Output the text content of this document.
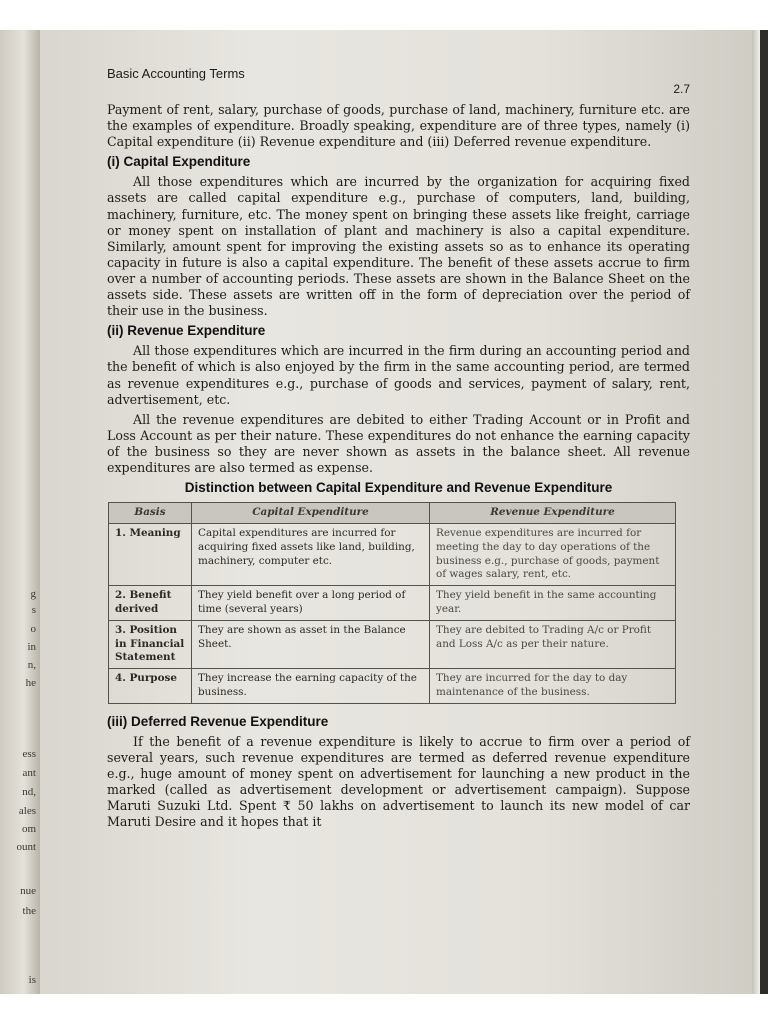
g
s
o
in
n,
he
ess
ant
nd,
ales
om
ount
nue
the
is
Basic Accounting Terms
2.7

Payment of rent, salary, purchase of goods, purchase of land, machinery, furniture etc. are the examples of expenditure. Broadly speaking, expenditure are of three types, namely (i) Capital expenditure (ii) Revenue expenditure and (iii) Deferred revenue expenditure.

(i) Capital Expenditure

All those expenditures which are incurred by the organization for acquiring fixed assets are called capital expenditure e.g., purchase of computers, land, building, machinery, furniture, etc. The money spent on bringing these assets like freight, carriage or money spent on installation of plant and machinery is also a capital expenditure. Similarly, amount spent for improving the existing assets so as to enhance its operating capacity in future is also a capital expenditure. The benefit of these assets accrue to firm over a number of accounting periods. These assets are shown in the Balance Sheet on the assets side. These assets are written off in the form of depreciation over the period of their use in the business.

(ii) Revenue Expenditure

All those expenditures which are incurred in the firm during an accounting period and the benefit of which is also enjoyed by the firm in the same accounting period, are termed as revenue expenditures e.g., purchase of goods and services, payment of salary, rent, advertisement, etc.

All the revenue expenditures are debited to either Trading Account or in Profit and Loss Account as per their nature. These expenditures do not enhance the earning capacity of the business so they are never shown as assets in the balance sheet. All revenue expenditures are also termed as expense.

Distinction between Capital Expenditure and Revenue Expenditure
Basis	Capital Expenditure	Revenue Expenditure
1. Meaning	Capital expenditures are incurred for acquiring fixed assets like land, building, machinery, computer etc.	Revenue expenditures are incurred for meeting the day to day operations of the business e.g., purchase of goods, payment of wages salary, rent, etc.
2. Benefit derived	They yield benefit over a long period of time (several years)	They yield benefit in the same accounting year.
3. Position in Financial Statement	They are shown as asset in the Balance Sheet.	They are debited to Trading A/c or Profit and Loss A/c as per their nature.
4. Purpose	They increase the earning capacity of the business.	They are incurred for the day to day maintenance of the business.
(iii) Deferred Revenue Expenditure

If the benefit of a revenue expenditure is likely to accrue to firm over a period of several years, such revenue expenditures are termed as deferred revenue expenditure e.g., huge amount of money spent on advertisement for launching a new product in the marked (called as advertisement development or advertisement campaign). Suppose Maruti Suzuki Ltd. Spent ₹ 50 lakhs on advertisement to launch its new model of car Maruti Desire and it hopes that it
